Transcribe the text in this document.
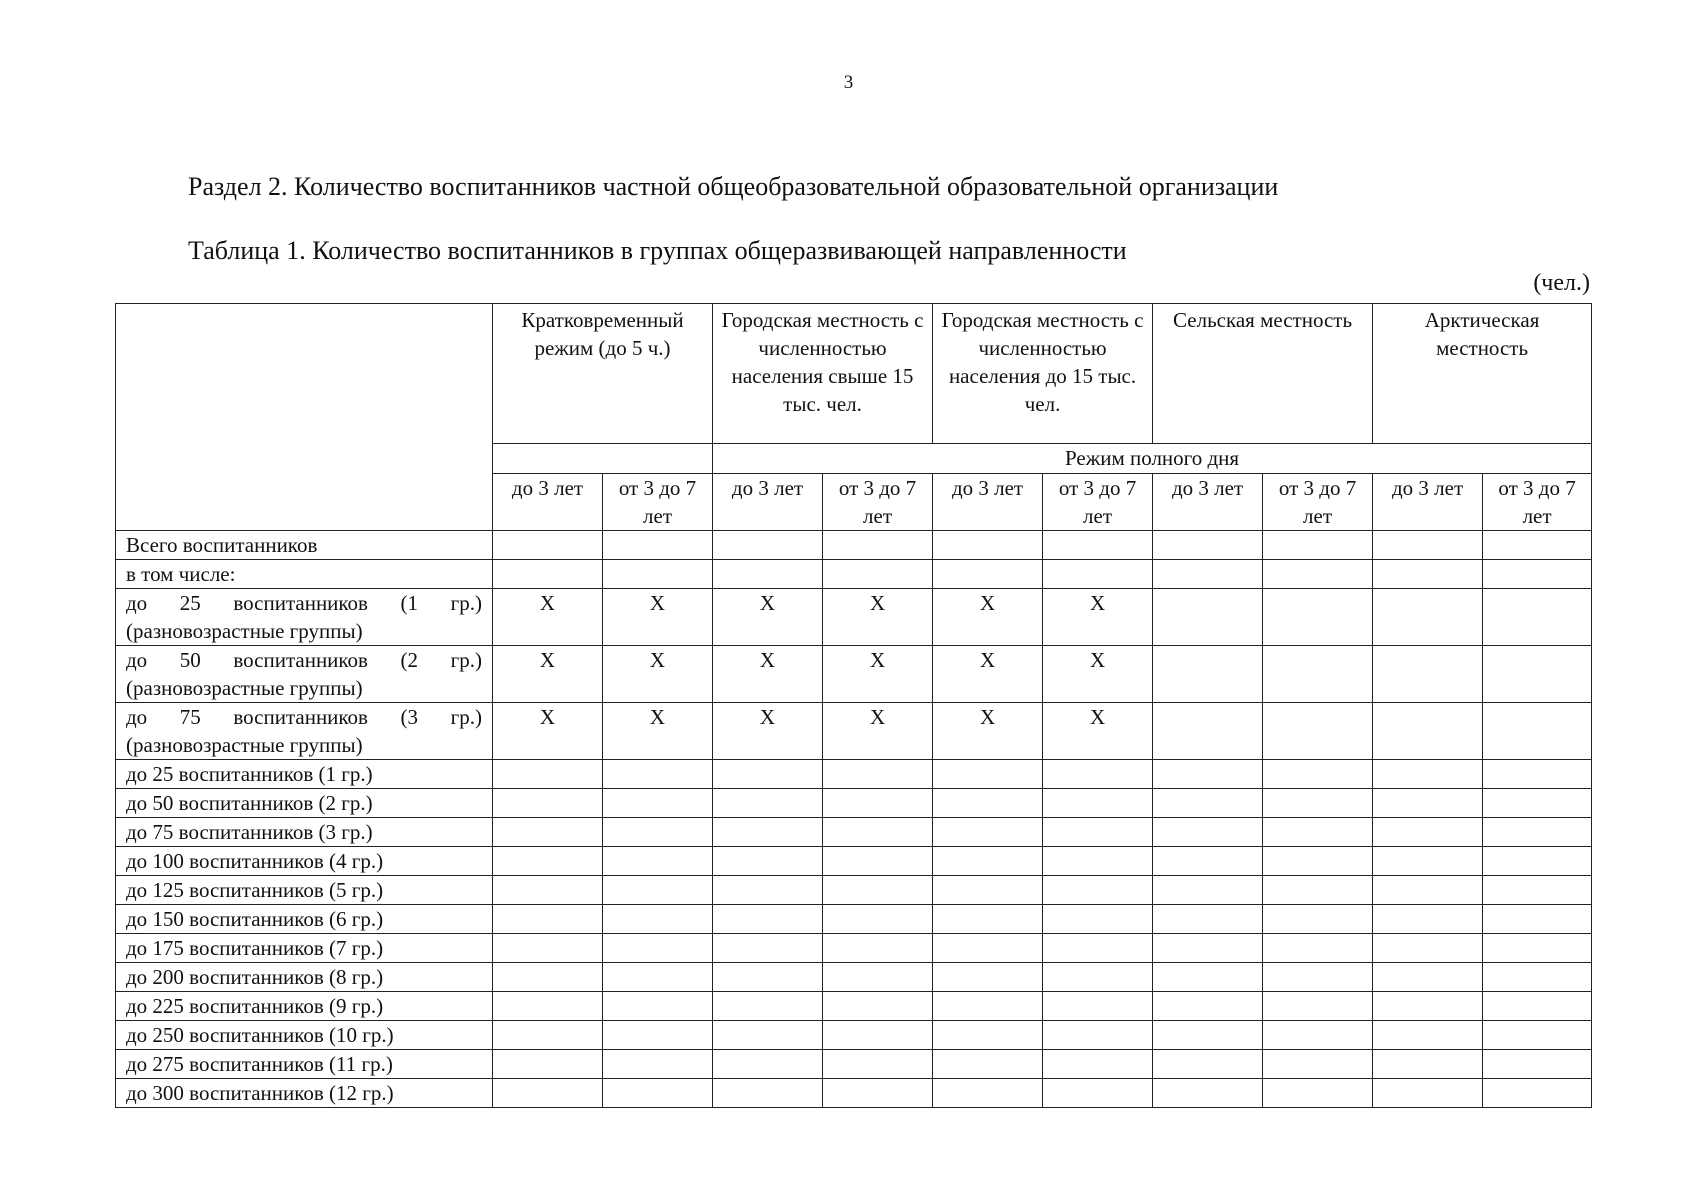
3
Раздел 2. Количество воспитанников частной общеобразовательной образовательной организации
Таблица 1. Количество воспитанников в группах общеразвивающей направленности
(чел.)
	Кратковременный режим (до 5 ч.)		Городская местность с численностью населения свыше 15 тыс. чел.		Городская местность с численностью населения до 15 тыс. чел.		Сельская местность		Арктическая местность	
			Режим полного дня							
	до 3 лет	от 3 до 7 лет	до 3 лет	от 3 до 7 лет	до 3 лет	от 3 до 7 лет	до 3 лет	от 3 до 7 лет	до 3 лет	от 3 до 7 лет
Всего воспитанников										
в том числе:										
до 25 воспитанников (1 гр.) (разновозрастные группы)	X	X	X	X	X	X				
до 50 воспитанников (2 гр.) (разновозрастные группы)	X	X	X	X	X	X				
до 75 воспитанников (3 гр.) (разновозрастные группы)	X	X	X	X	X	X				
до 25 воспитанников (1 гр.)										
до 50 воспитанников (2 гр.)										
до 75 воспитанников (3 гр.)										
до 100 воспитанников (4 гр.)										
до 125 воспитанников (5 гр.)										
до 150 воспитанников (6 гр.)										
до 175 воспитанников (7 гр.)										
до 200 воспитанников (8 гр.)										
до 225 воспитанников (9 гр.)										
до 250 воспитанников (10 гр.)										
до 275 воспитанников (11 гр.)										
до 300 воспитанников (12 гр.)										
